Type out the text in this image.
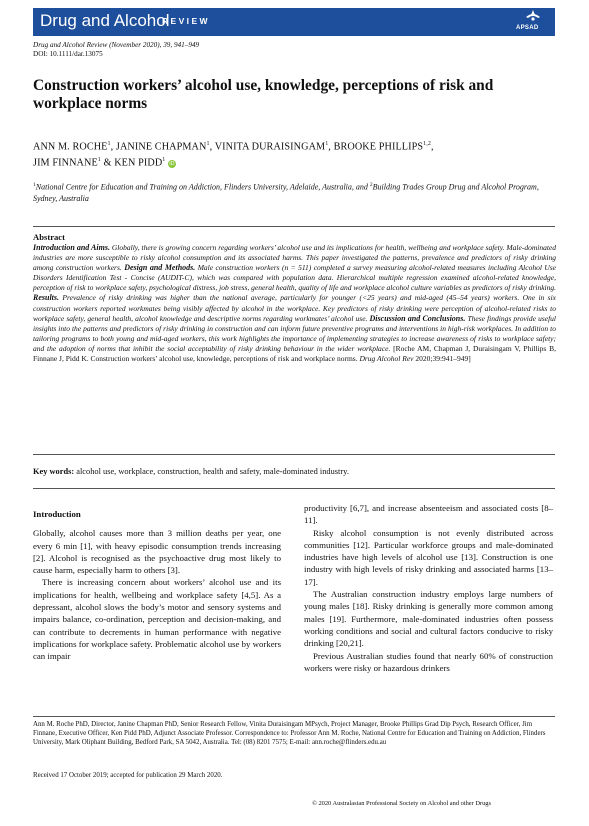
Drug and Alcohol
REVIEW
APSAD
Drug and Alcohol Review (November 2020), 39, 941–949
DOI: 10.1111/dar.13075
Construction workers’ alcohol use, knowledge, perceptions of risk and workplace norms
ANN M. ROCHE$^1$, JANINE CHAPMAN$^1$, VINITA DURAISINGAM$^1$, BROOKE PHILLIPS$^{1,2}$,
JIM FINNANE$^1$ & KEN PIDD$^1$ iD
$^1$National Centre for Education and Training on Addiction, Flinders University, Adelaide, Australia, and $^2$Building Trades Group Drug and Alcohol Program, Sydney, Australia
Abstract
Introduction and Aims. Globally, there is growing concern regarding workers’ alcohol use and its implications for health, wellbeing and workplace safety. Male-dominated industries are more susceptible to risky alcohol consumption and its associated harms. This paper investigated the patterns, prevalence and predictors of risky drinking among construction workers. Design and Methods. Male construction workers (n = 511) completed a survey measuring alcohol-related measures including Alcohol Use Disorders Identification Test - Concise (AUDIT-C), which was compared with population data. Hierarchical multiple regression examined alcohol-related knowledge, perception of risk to workplace safety, psychological distress, job stress, general health, quality of life and workplace alcohol culture variables as predictors of risky drinking. Results. Prevalence of risky drinking was higher than the national average, particularly for younger (<25 years) and mid-aged (45–54 years) workers. One in six construction workers reported workmates being visibly affected by alcohol in the workplace. Key predictors of risky drinking were perception of alcohol-related risks to workplace safety, general health, alcohol knowledge and descriptive norms regarding workmates’ alcohol use. Discussion and Conclusions. These findings provide useful insights into the patterns and predictors of risky drinking in construction and can inform future preventive programs and interventions in high-risk workplaces. In addition to tailoring programs to both young and mid-aged workers, this work highlights the importance of implementing strategies to increase awareness of risks to workplace safety; and the adoption of norms that inhibit the social acceptability of risky drinking behaviour in the wider workplace. [Roche AM, Chapman J, Duraisingam V, Phillips B, Finnane J, Pidd K. Construction workers’ alcohol use, knowledge, perceptions of risk and workplace norms. Drug Alcohol Rev 2020;39:941–949]
Key words: alcohol use, workplace, construction, health and safety, male-dominated industry.
Introduction

Globally, alcohol causes more than 3 million deaths per year, one every 6 min [1], with heavy episodic consumption trends increasing [2]. Alcohol is recognised as the psychoactive drug most likely to cause harm, especially harm to others [3].

There is increasing concern about workers’ alcohol use and its implications for health, wellbeing and workplace safety [4,5]. As a depressant, alcohol slows the body’s motor and sensory systems and impairs balance, co-ordination, perception and decision-making, and can contribute to decrements in human performance with negative implications for workplace safety. Problematic alcohol use by workers can impair

productivity [6,7], and increase absenteeism and associated costs [8–11].

Risky alcohol consumption is not evenly distributed across communities [12]. Particular workforce groups and male-dominated industries have high levels of alcohol use [13]. Construction is one industry with high levels of risky drinking and associated harms [13–17].

The Australian construction industry employs large numbers of young males [18]. Risky drinking is generally more common among males [19]. Furthermore, male-dominated industries often possess working conditions and social and cultural factors conducive to risky drinking [20,21].

Previous Australian studies found that nearly 60% of construction workers were risky or hazardous drinkers

Ann M. Roche PhD, Director, Janine Chapman PhD, Senior Research Fellow, Vinita Duraisingam MPsych, Project Manager, Brooke Phillips Grad Dip Psych, Research Officer, Jim Finnane, Executive Officer, Ken Pidd PhD, Adjunct Associate Professor. Correspondence to: Professor Ann M. Roche, National Centre for Education and Training on Addiction, Flinders University, Mark Oliphant Building, Bedford Park, SA 5042, Australia. Tel: (08) 8201 7575; E-mail: ann.roche@flinders.edu.au
Received 17 October 2019; accepted for publication 29 March 2020.
© 2020 Australasian Professional Society on Alcohol and other Drugs
